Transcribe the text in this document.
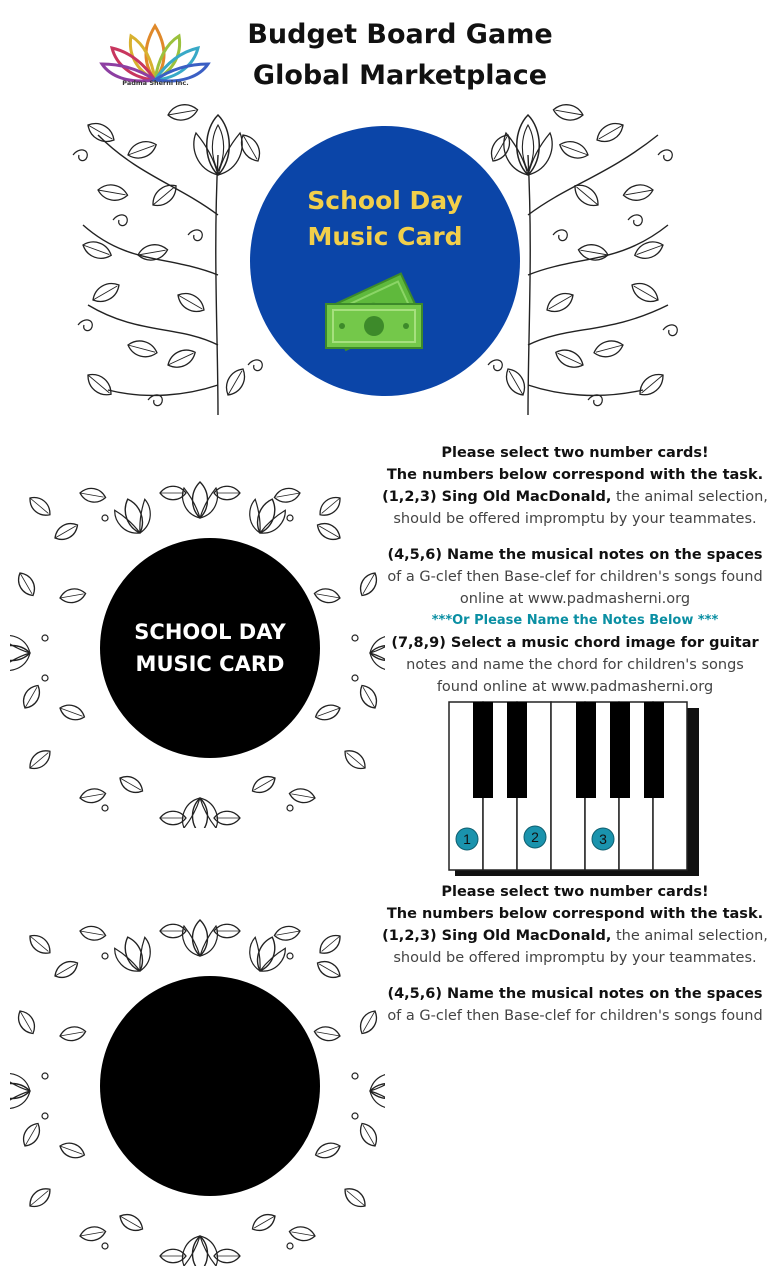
Padma Sherni Inc.
Budget Board Game
Global Marketplace
School Day
Music Card
SCHOOL DAY
MUSIC CARD
Please select two number cards!
The numbers below correspond with the task.
(1,2,3) Sing Old MacDonald, the animal selection,
should be offered impromptu by your teammates.
(4,5,6) Name the musical notes on the spaces
of a G-clef then Base-clef for children's songs found
online at www.padmasherni.org
***Or Please Name the Notes Below ***
(7,8,9) Select a music chord image for guitar
notes and name the chord for children's songs
found online at www.padmasherni.org
1	2	3
Please select two number cards!
The numbers below correspond with the task.
(1,2,3) Sing Old MacDonald, the animal selection,
should be offered impromptu by your teammates.
(4,5,6) Name the musical notes on the spaces
of a G-clef then Base-clef for children's songs found
